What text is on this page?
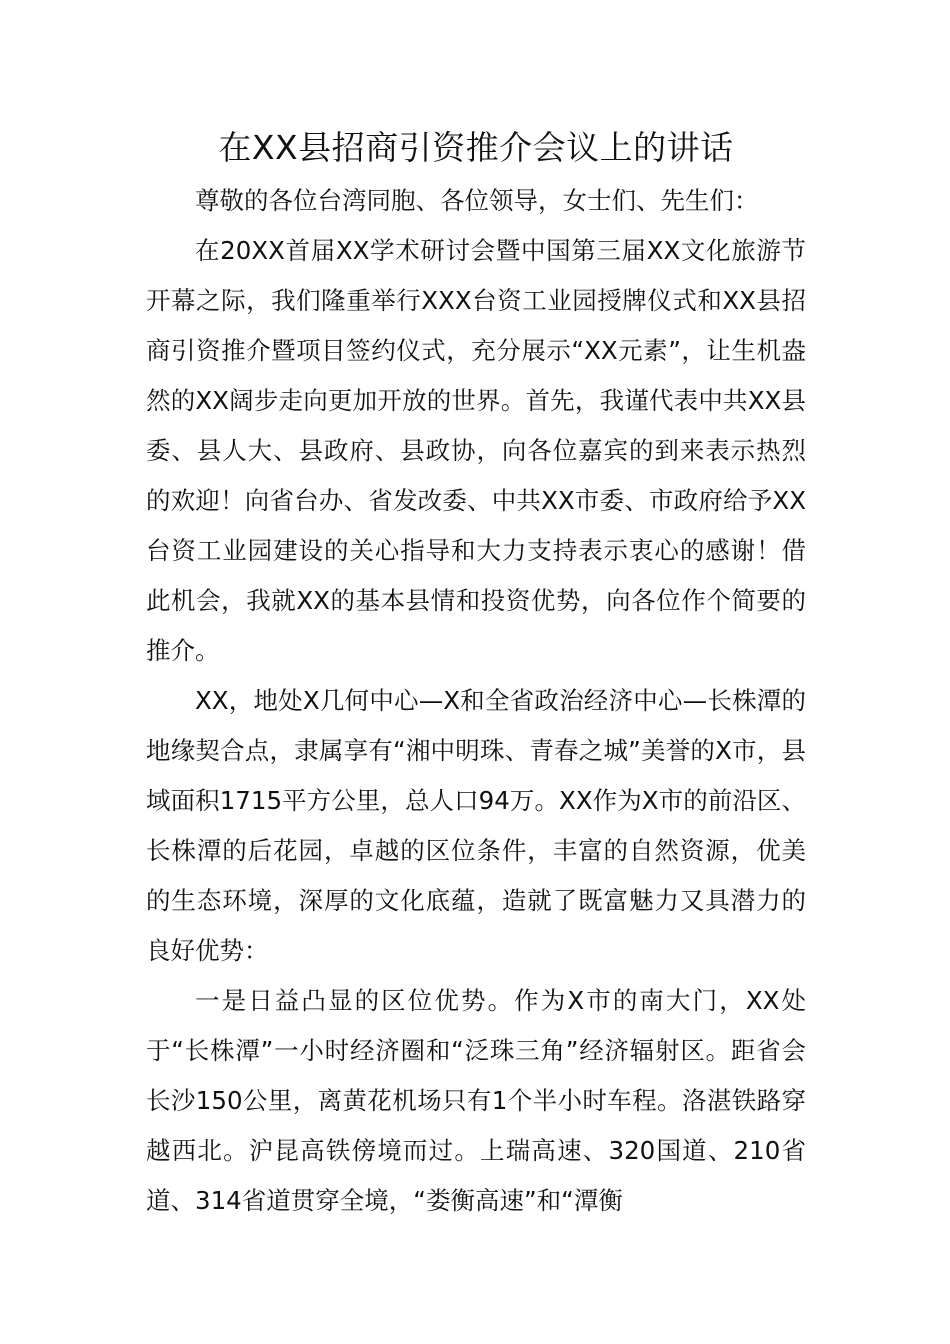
在XX县招商引资推介会议上的讲话

尊敬的各位台湾同胞、各位领导，女士们、先生们：

在20XX首届XX学术研讨会暨中国第三届XX文化旅游节开幕之际，我们隆重举行XXX台资工业园授牌仪式和XX县招商引资推介暨项目签约仪式，充分展示“XX元素”，让生机盎然的XX阔步走向更加开放的世界。首先，我谨代表中共XX县委、县人大、县政府、县政协，向各位嘉宾的到来表示热烈的欢迎！向省台办、省发改委、中共XX市委、市政府给予XX台资工业园建设的关心指导和大力支持表示衷心的感谢！借此机会，我就XX的基本县情和投资优势，向各位作个简要的推介。

XX，地处X几何中心—X和全省政治经济中心—长株潭的地缘契合点，隶属享有“湘中明珠、青春之城”美誉的X市，县域面积1715平方公里，总人口94万。XX作为X市的前沿区、长株潭的后花园，卓越的区位条件，丰富的自然资源，优美的生态环境，深厚的文化底蕴，造就了既富魅力又具潜力的良好优势：

一是日益凸显的区位优势。作为X市的南大门，XX处于“长株潭”一小时经济圈和“泛珠三角”经济辐射区。距省会长沙150公里，离黄花机场只有1个半小时车程。洛湛铁路穿越西北。沪昆高铁傍境而过。上瑞高速、320国道、210省道、314省道贯穿全境，“娄衡高速”和“潭衡
